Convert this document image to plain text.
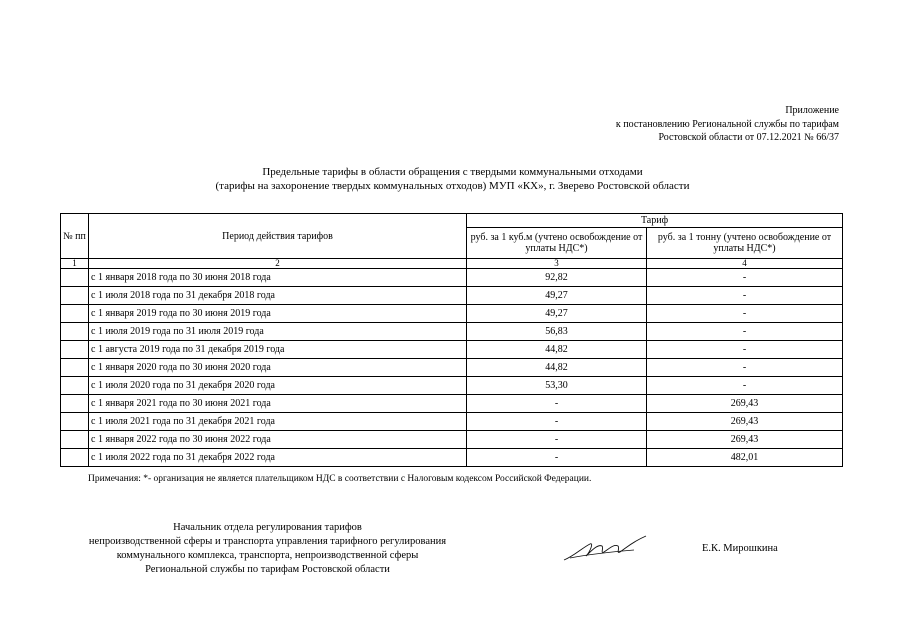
Приложение
к постановлению Региональной службы по тарифам
Ростовской области от 07.12.2021 № 66/37
Предельные тарифы в области обращения с твердыми коммунальными отходами
(тарифы на захоронение твердых коммунальных отходов) МУП «КХ», г. Зверево Ростовской области
№ пп	Период действия тарифов	Тариф	
		руб. за 1 куб.м (учтено освобождение от уплаты НДС*)	руб. за 1 тонну (учтено освобождение от уплаты НДС*)

1	2	3	4
	с 1 января 2018 года по 30 июня 2018 года	92,82	-
	с 1 июля 2018 года по 31 декабря 2018 года	49,27	-
	с 1 января 2019 года по 30 июня 2019 года	49,27	-
	с 1 июля 2019 года по 31 июля 2019 года	56,83	-
	с 1 августа 2019 года по 31 декабря 2019 года	44,82	-
	с 1 января 2020 года по 30 июня 2020 года	44,82	-
	с 1 июля 2020 года по 31 декабря 2020 года	53,30	-
	с 1 января 2021 года по 30 июня 2021 года	-	269,43
	с 1 июля 2021 года по 31 декабря 2021 года	-	269,43
	с 1 января 2022 года по 30 июня 2022 года	-	269,43
	с 1 июля 2022 года по 31 декабря 2022 года	-	482,01
Примечания: *- организация не является плательщиком НДС в соответствии с Налоговым кодексом Российской Федерации.
Начальник отдела регулирования тарифов
непроизводственной сферы и транспорта управления тарифного регулирования
коммунального комплекса, транспорта, непроизводственной сферы
Региональной службы по тарифам Ростовской области
Е.К. Мирошкина
